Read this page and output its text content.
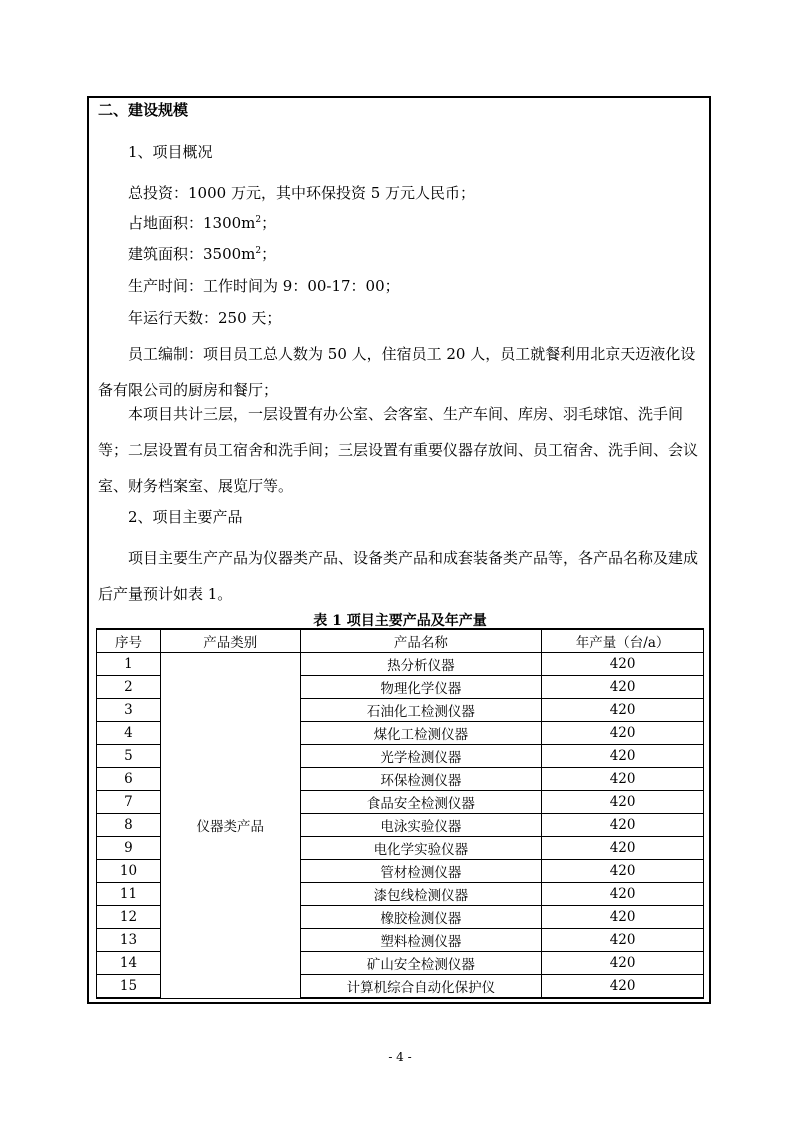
二、建设规模
1、项目概况
总投资：1000 万元，其中环保投资 5 万元人民币；
占地面积：$1300m^2$；
建筑面积：$3500m^2$；
生产时间：工作时间为 9：00-17：00；
年运行天数：250 天；
员工编制：项目员工总人数为 50 人，住宿员工 20 人，员工就餐利用北京天迈液化设备有限公司的厨房和餐厅；
本项目共计三层，一层设置有办公室、会客室、生产车间、库房、羽毛球馆、洗手间等；二层设置有员工宿舍和洗手间；三层设置有重要仪器存放间、员工宿舍、洗手间、会议室、财务档案室、展览厅等。
2、项目主要产品
项目主要生产产品为仪器类产品、设备类产品和成套装备类产品等，各产品名称及建成后产量预计如表 1。
表 1 项目主要产品及年产量
序号	产品类别	产品名称	年产量（台/a）
1	仪器类产品	热分析仪器	420
2		物理化学仪器	420
3		石油化工检测仪器	420
4		煤化工检测仪器	420
5		光学检测仪器	420
6		环保检测仪器	420
7		食品安全检测仪器	420
8		电泳实验仪器	420
9		电化学实验仪器	420
10		管材检测仪器	420
11		漆包线检测仪器	420
12		橡胶检测仪器	420
13		塑料检测仪器	420
14		矿山安全检测仪器	420
15		计算机综合自动化保护仪	420
- 4 -
